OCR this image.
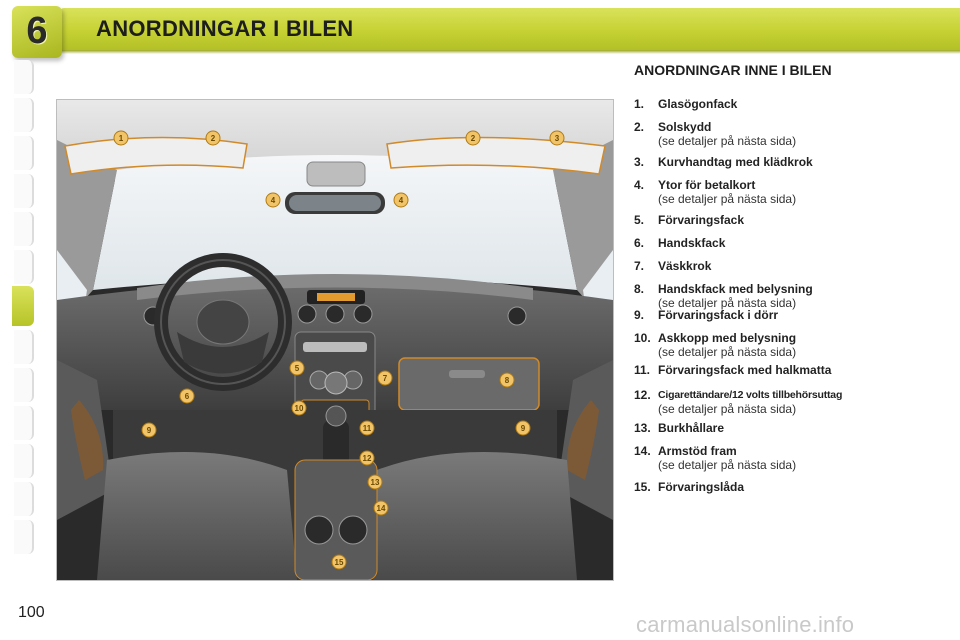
6	ANORDNINGAR I BILEN
1	2	2	3
4	4
5
6
7	8
9	9
10
11
12
13
14
15
100
ANORDNINGAR INNE I BILEN
1. Glasögonfack
2. Solskydd
(se detaljer på nästa sida)
3. Kurvhandtag med klädkrok
4. Ytor för betalkort
(se detaljer på nästa sida)
5. Förvaringsfack
6. Handskfack
7. Väskkrok
8. Handskfack med belysning
(se detaljer på nästa sida)
9. Förvaringsfack i dörr
10. Askkopp med belysning
(se detaljer på nästa sida)
11. Förvaringsfack med halkmatta
12. Cigarettändare/12 volts tillbehörsuttag
(se detaljer på nästa sida)
13. Burkhållare
14. Armstöd fram
(se detaljer på nästa sida)
15. Förvaringslåda
carmanualsonline.info
